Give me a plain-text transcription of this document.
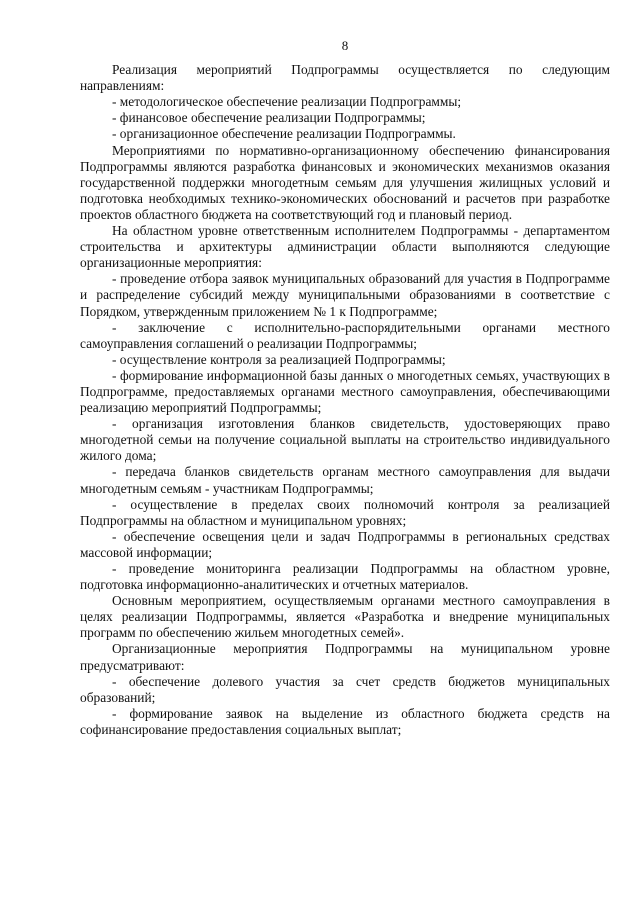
8

Реализация мероприятий Подпрограммы осуществляется по следующим направлениям:

- методологическое обеспечение реализации Подпрограммы;

- финансовое обеспечение реализации Подпрограммы;

- организационное обеспечение реализации Подпрограммы.

Мероприятиями по нормативно-организационному обеспечению финансирования Подпрограммы являются разработка финансовых и экономических механизмов оказания государственной поддержки многодетным семьям для улучшения жилищных условий и подготовка необходимых технико-экономических обоснований и расчетов при разработке проектов областного бюджета на соответствующий год и плановый период.

На областном уровне ответственным исполнителем Подпрограммы - департаментом строительства и архитектуры администрации области выполняются следующие организационные мероприятия:

- проведение отбора заявок муниципальных образований для участия в Подпрограмме и распределение субсидий между муниципальными образованиями в соответствие с Порядком, утвержденным приложением № 1 к Подпрограмме;

- заключение с исполнительно-распорядительными органами местного самоуправления соглашений о реализации Подпрограммы;

- осуществление контроля за реализацией Подпрограммы;

- формирование информационной базы данных о многодетных семьях, участвующих в Подпрограмме, предоставляемых органами местного самоуправления, обеспечивающими реализацию мероприятий Подпрограммы;

- организация изготовления бланков свидетельств, удостоверяющих право многодетной семьи на получение социальной выплаты на строительство индивидуального жилого дома;

- передача бланков свидетельств органам местного самоуправления для выдачи многодетным семьям - участникам Подпрограммы;

- осуществление в пределах своих полномочий контроля за реализацией Подпрограммы на областном и муниципальном уровнях;

- обеспечение освещения цели и задач Подпрограммы в региональных средствах массовой информации;

- проведение мониторинга реализации Подпрограммы на областном уровне, подготовка информационно-аналитических и отчетных материалов.

Основным мероприятием, осуществляемым органами местного самоуправления в целях реализации Подпрограммы, является «Разработка и внедрение муниципальных программ по обеспечению жильем многодетных семей».

Организационные мероприятия Подпрограммы на муниципальном уровне предусматривают:

- обеспечение долевого участия за счет средств бюджетов муниципальных образований;

- формирование заявок на выделение из областного бюджета средств на софинансирование предоставления социальных выплат;
